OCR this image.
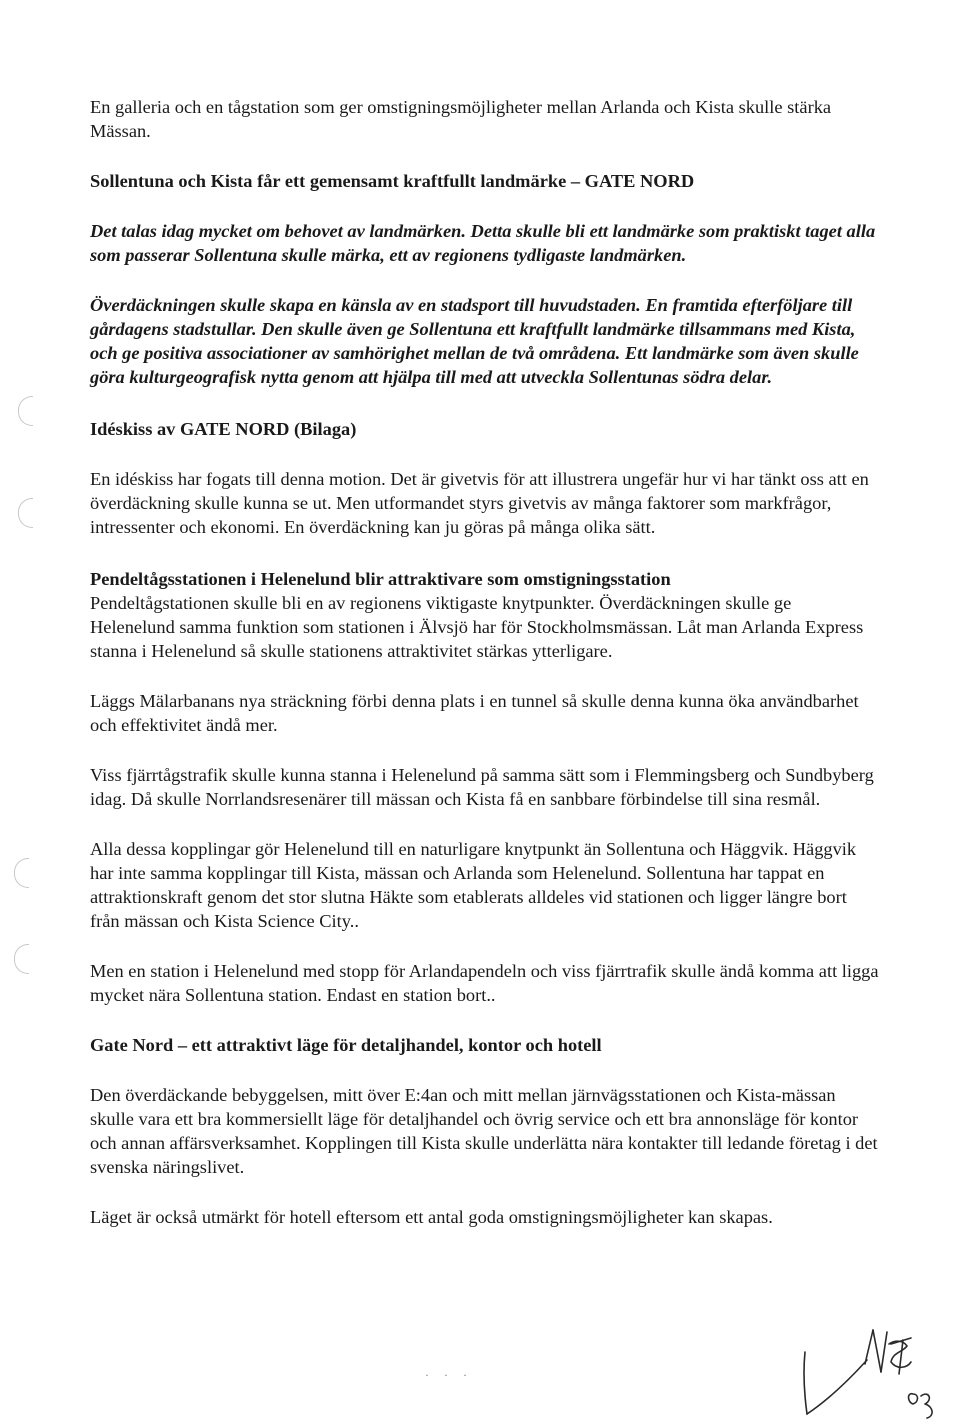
En galleria och en tågstation som ger omstigningsmöjligheter mellan Arlanda och Kista skulle stärka Mässan.

Sollentuna och Kista får ett gemensamt kraftfullt landmärke – GATE NORD

Det talas idag mycket om behovet av landmärken. Detta skulle bli ett landmärke som praktiskt taget alla som passerar Sollentuna skulle märka, ett av regionens tydligaste landmärken.

Överdäckningen skulle skapa en känsla av en stadsport till huvudstaden. En framtida efterföljare till gårdagens stadstullar. Den skulle även ge Sollentuna ett kraftfullt landmärke tillsammans med Kista, och ge positiva associationer av samhörighet mellan de två områdena. Ett landmärke som även skulle göra kulturgeografisk nytta genom att hjälpa till med att utveckla Sollentunas södra delar.

Idéskiss av GATE NORD (Bilaga)

En idéskiss har fogats till denna motion. Det är givetvis för att illustrera ungefär hur vi har tänkt oss att en överdäckning skulle kunna se ut. Men utformandet styrs givetvis av många faktorer som markfrågor, intressenter och ekonomi. En överdäckning kan ju göras på många olika sätt.

Pendeltågsstationen i Helenelund blir attraktivare som omstigningsstation

Pendeltågstationen skulle bli en av regionens viktigaste knytpunkter. Överdäckningen skulle ge Helenelund samma funktion som stationen i Älvsjö har för Stockholmsmässan. Låt man Arlanda Express stanna i Helenelund så skulle stationens attraktivitet stärkas ytterligare.

Läggs Mälarbanans nya sträckning förbi denna plats i en tunnel så skulle denna kunna öka användbarhet och effektivitet ändå mer.

Viss fjärrtågstrafik skulle kunna stanna i Helenelund på samma sätt som i Flemmingsberg och Sundbyberg idag. Då skulle Norrlandsresenärer till mässan och Kista få en sanbbare förbindelse till sina resmål.

Alla dessa kopplingar gör Helenelund till en naturligare knytpunkt än Sollentuna och Häggvik. Häggvik har inte samma kopplingar till Kista, mässan och Arlanda som Helenelund. Sollentuna har tappat en attraktionskraft genom det stor slutna Häkte som etablerats alldeles vid stationen och ligger längre bort från mässan och Kista Science City..

Men en station i Helenelund med stopp för Arlandapendeln och viss fjärrtrafik skulle ändå komma att ligga mycket nära Sollentuna station. Endast en station bort..

Gate Nord – ett attraktivt läge för detaljhandel, kontor och hotell

Den överdäckande bebyggelsen, mitt över E:4an och mitt mellan järnvägsstationen och Kista-mässan skulle vara ett bra kommersiellt läge för detaljhandel och övrig service och ett bra annonsläge för kontor och annan affärsverksamhet. Kopplingen till Kista skulle underlätta nära kontakter till ledande företag i det svenska näringslivet.

Läget är också utmärkt för hotell eftersom ett antal goda omstigningsmöjligheter kan skapas.

· · ·
